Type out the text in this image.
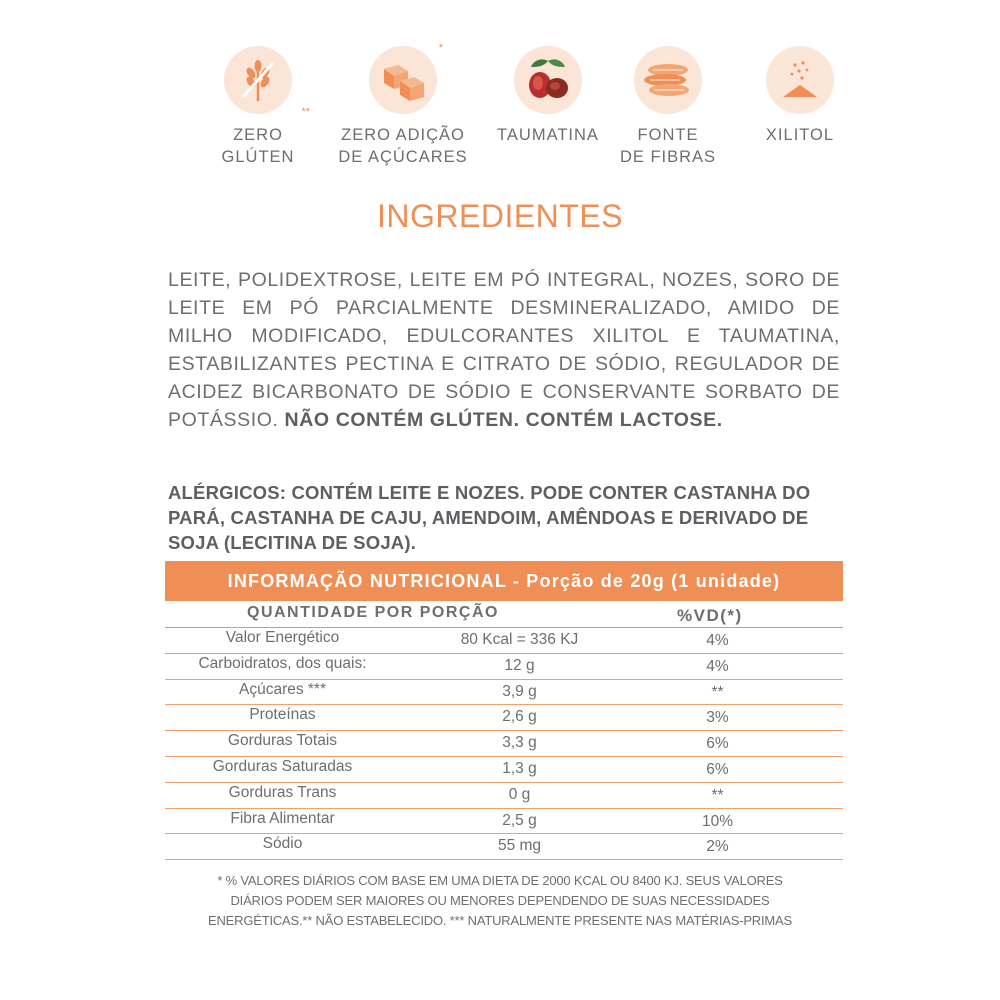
**
ZERO
GLÚTEN
*
ZERO ADIÇÃO
DE AÇÚCARES
TAUMATINA	FONTE
DE FIBRAS
XILITOL
INGREDIENTES
LEITE, POLIDEXTROSE, LEITE EM PÓ INTEGRAL, NOZES, SORO DE LEITE EM PÓ PARCIALMENTE DESMINERALIZADO, AMIDO DE MILHO MODIFICADO, EDULCORANTES XILITOL E TAUMATINA, ESTABILIZANTES PECTINA E CITRATO DE SÓDIO, REGULADOR DE ACIDEZ BICARBONATO DE SÓDIO E CONSERVANTE SORBATO DE POTÁSSIO. NÃO CONTÉM GLÚTEN. CONTÉM LACTOSE.
ALÉRGICOS: CONTÉM LEITE E NOZES. PODE CONTER CASTANHA DO PARÁ, CASTANHA DE CAJU, AMENDOIM, AMÊNDOAS E DERIVADO DE SOJA (LECITINA DE SOJA).
INFORMAÇÃO NUTRICIONAL - Porção de 20g (1 unidade)
QUANTIDADE POR PORÇÃO	%VD(*)
Valor Energético	80 Kcal = 336 KJ	4%
Carboidratos, dos quais:	12 g	4%
Açúcares ***	3,9 g	**
Proteínas	2,6 g	3%
Gorduras Totais	3,3 g	6%
Gorduras Saturadas	1,3 g	6%
Gorduras Trans	0 g	**
Fibra Alimentar	2,5 g	10%
Sódio	55 mg	2%
* % VALORES DIÁRIOS COM BASE EM UMA DIETA DE 2000 KCAL OU 8400 KJ. SEUS VALORES
DIÁRIOS PODEM SER MAIORES OU MENORES DEPENDENDO DE SUAS NECESSIDADES
ENERGÉTICAS.** NÃO ESTABELECIDO. *** NATURALMENTE PRESENTE NAS MATÉRIAS-PRIMAS
